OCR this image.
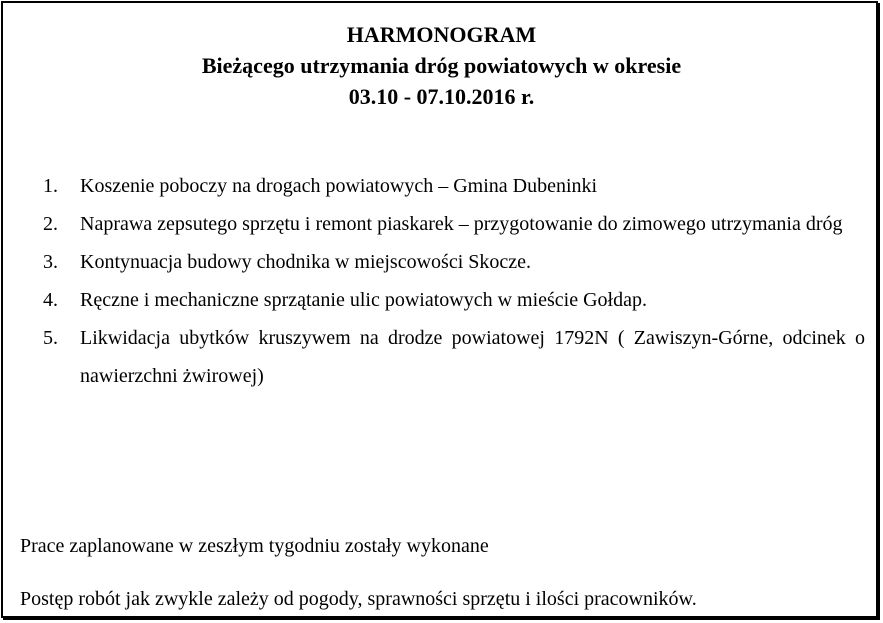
HARMONOGRAM
Bieżącego utrzymania dróg powiatowych w okresie
03.10 - 07.10.2016 r.
1. Koszenie poboczy na drogach powiatowych – Gmina Dubeninki
2. Naprawa zepsutego sprzętu i remont piaskarek – przygotowanie do zimowego utrzymania dróg
3. Kontynuacja budowy chodnika w miejscowości Skocze.
4. Ręczne i mechaniczne sprzątanie ulic powiatowych w mieście Gołdap.
5. Likwidacja ubytków kruszywem na drodze powiatowej 1792N ( Zawiszyn-Górne, odcinek o nawierzchni żwirowej)
Prace zaplanowane w zeszłym tygodniu zostały wykonane
Postęp robót jak zwykle zależy od pogody, sprawności sprzętu i ilości pracowników.
